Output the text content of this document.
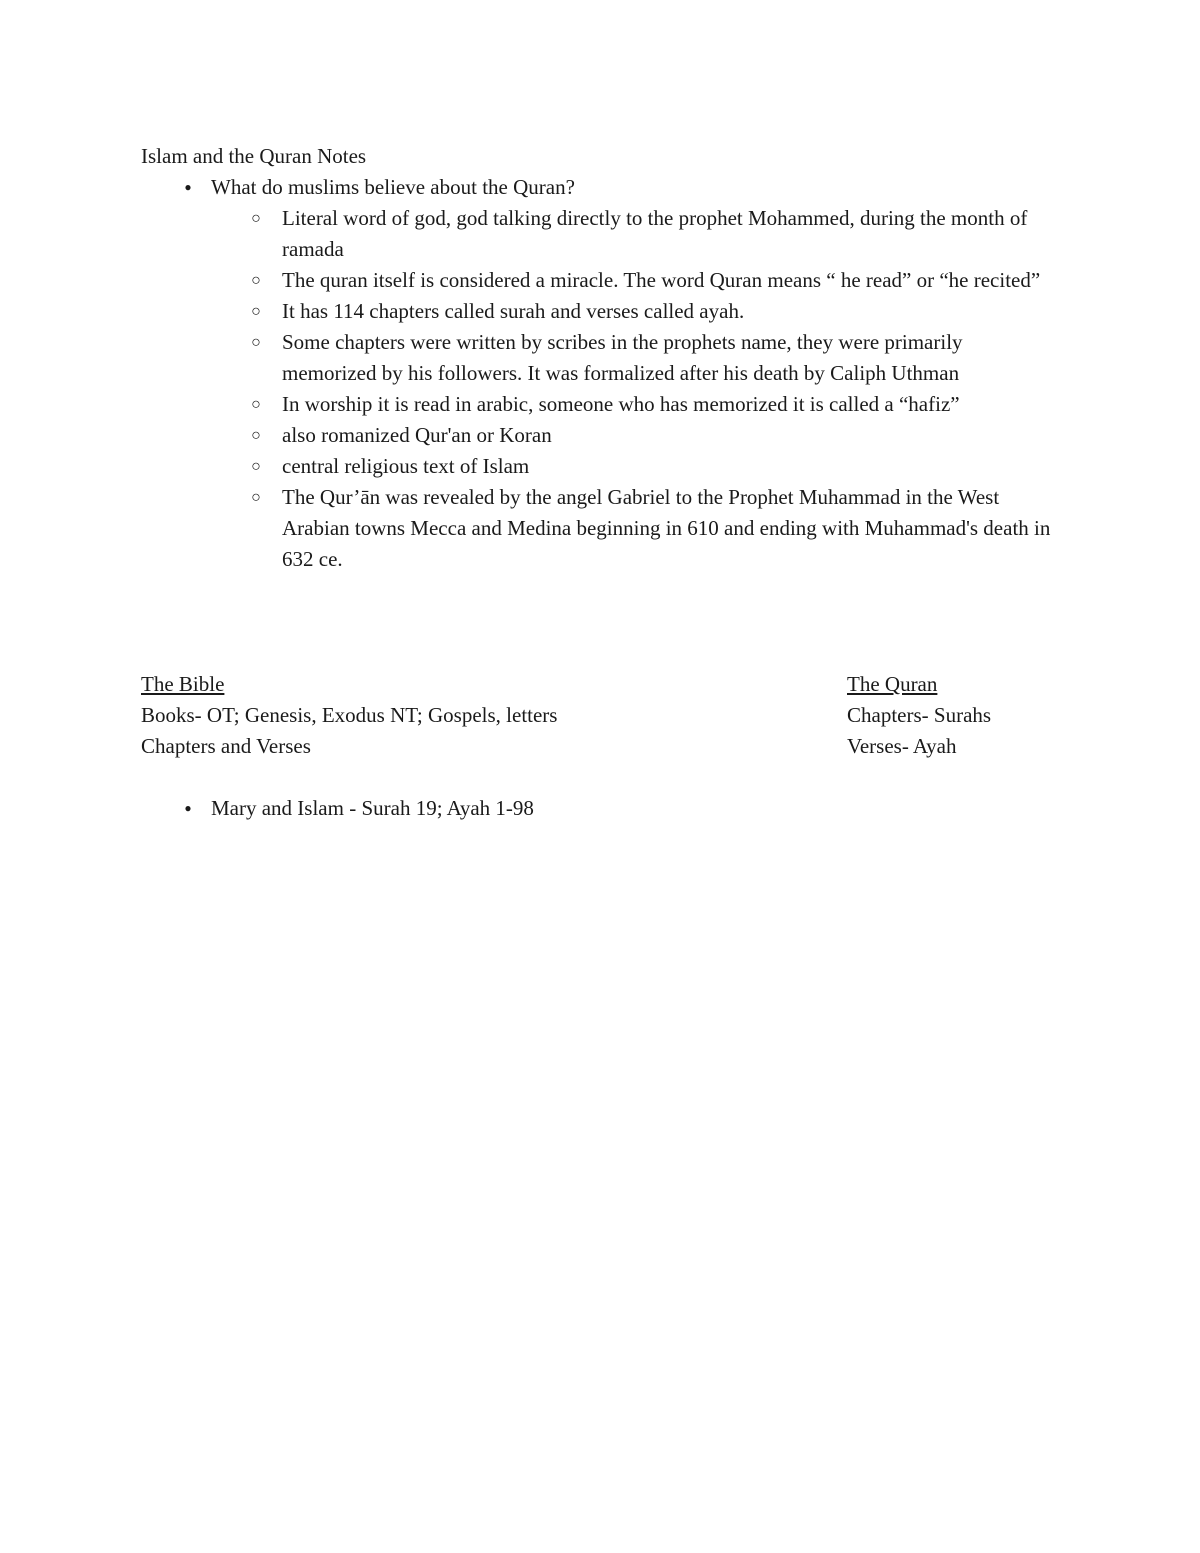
Islam and the Quran Notes
● What do muslims believe about the Quran?
○ Literal word of god, god talking directly to the prophet Mohammed, during the month of ramada
○ The quran itself is considered a miracle. The word Quran means “ he read” or “he recited”
○ It has 114 chapters called surah and verses called ayah.
○ Some chapters were written by scribes in the prophets name, they were primarily memorized by his followers. It was formalized after his death by Caliph Uthman
○ In worship it is read in arabic, someone who has memorized it is called a “hafiz”
○ also romanized Qur'an or Koran
○ central religious text of Islam
○ The Qur’ān was revealed by the angel Gabriel to the Prophet Muhammad in the West Arabian towns Mecca and Medina beginning in 610 and ending with Muhammad's death in 632 ce.
The Bible
Books- OT; Genesis, Exodus NT; Gospels, letters
Chapters and Verses
The Quran
Chapters- Surahs
Verses- Ayah
● Mary and Islam - Surah 19; Ayah 1-98
